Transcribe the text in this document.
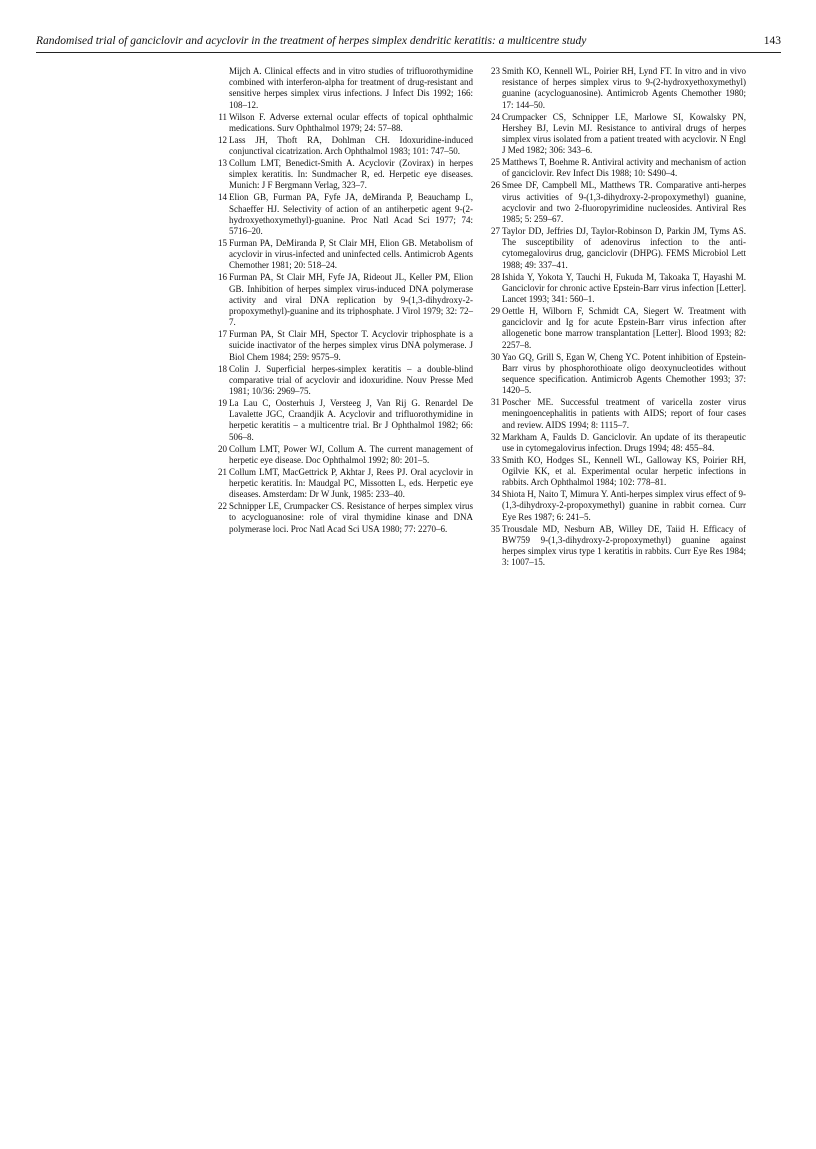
Randomised trial of ganciclovir and acyclovir in the treatment of herpes simplex dendritic keratitis: a multicentre study	143
Mijch A. Clinical effects and in vitro studies of trifluorothymidine combined with interferon-alpha for treatment of drug-resistant and sensitive herpes simplex virus infections. J Infect Dis 1992; 166: 108–12.
11 Wilson F. Adverse external ocular effects of topical ophthalmic medications. Surv Ophthalmol 1979; 24: 57–88.
12 Lass JH, Thoft RA, Dohlman CH. Idoxuridine-induced conjunctival cicatrization. Arch Ophthalmol 1983; 101: 747–50.
13 Collum LMT, Benedict-Smith A. Acyclovir (Zovirax) in herpes simplex keratitis. In: Sundmacher R, ed. Herpetic eye diseases. Munich: J F Bergmann Verlag, 323–7.
14 Elion GB, Furman PA, Fyfe JA, deMiranda P, Beauchamp L, Schaeffer HJ. Selectivity of action of an antiherpetic agent 9-(2-hydroxyethoxymethyl)-guanine. Proc Natl Acad Sci 1977; 74: 5716–20.
15 Furman PA, DeMiranda P, St Clair MH, Elion GB. Metabolism of acyclovir in virus-infected and uninfected cells. Antimicrob Agents Chemother 1981; 20: 518–24.
16 Furman PA, St Clair MH, Fyfe JA, Rideout JL, Keller PM, Elion GB. Inhibition of herpes simplex virus-induced DNA polymerase activity and viral DNA replication by 9-(1,3-dihydroxy-2-propoxymethyl)-guanine and its triphosphate. J Virol 1979; 32: 72–7.
17 Furman PA, St Clair MH, Spector T. Acyclovir triphosphate is a suicide inactivator of the herpes simplex virus DNA polymerase. J Biol Chem 1984; 259: 9575–9.
18 Colin J. Superficial herpes-simplex keratitis – a double-blind comparative trial of acyclovir and idoxuridine. Nouv Presse Med 1981; 10/36: 2969–75.
19 La Lau C, Oosterhuis J, Versteeg J, Van Rij G. Renardel De Lavalette JGC, Craandjik A. Acyclovir and trifluorothymidine in herpetic keratitis – a multicentre trial. Br J Ophthalmol 1982; 66: 506–8.
20 Collum LMT, Power WJ, Collum A. The current management of herpetic eye disease. Doc Ophthalmol 1992; 80: 201–5.
21 Collum LMT, MacGettrick P, Akhtar J, Rees PJ. Oral acyclovir in herpetic keratitis. In: Maudgal PC, Missotten L, eds. Herpetic eye diseases. Amsterdam: Dr W Junk, 1985: 233–40.
22 Schnipper LE, Crumpacker CS. Resistance of herpes simplex virus to acycloguanosine: role of viral thymidine kinase and DNA polymerase loci. Proc Natl Acad Sci USA 1980; 77: 2270–6.
23 Smith KO, Kennell WL, Poirier RH, Lynd FT. In vitro and in vivo resistance of herpes simplex virus to 9-(2-hydroxyethoxymethyl) guanine (acycloguanosine). Antimicrob Agents Chemother 1980; 17: 144–50.
24 Crumpacker CS, Schnipper LE, Marlowe SI, Kowalsky PN, Hershey BJ, Levin MJ. Resistance to antiviral drugs of herpes simplex virus isolated from a patient treated with acyclovir. N Engl J Med 1982; 306: 343–6.
25 Matthews T, Boehme R. Antiviral activity and mechanism of action of ganciclovir. Rev Infect Dis 1988; 10: S490–4.
26 Smee DF, Campbell ML, Matthews TR. Comparative anti-herpes virus activities of 9-(1,3-dihydroxy-2-propoxymethyl) guanine, acyclovir and two 2-fluoropyrimidine nucleosides. Antiviral Res 1985; 5: 259–67.
27 Taylor DD, Jeffries DJ, Taylor-Robinson D, Parkin JM, Tyms AS. The susceptibility of adenovirus infection to the anti-cytomegalovirus drug, ganciclovir (DHPG). FEMS Microbiol Lett 1988; 49: 337–41.
28 Ishida Y, Yokota Y, Tauchi H, Fukuda M, Takoaka T, Hayashi M. Ganciclovir for chronic active Epstein-Barr virus infection [Letter]. Lancet 1993; 341: 560–1.
29 Oettle H, Wilborn F, Schmidt CA, Siegert W. Treatment with ganciclovir and Ig for acute Epstein-Barr virus infection after allogenetic bone marrow transplantation [Letter]. Blood 1993; 82: 2257–8.
30 Yao GQ, Grill S, Egan W, Cheng YC. Potent inhibition of Epstein-Barr virus by phosphorothioate oligo deoxynucleotides without sequence specification. Antimicrob Agents Chemother 1993; 37: 1420–5.
31 Poscher ME. Successful treatment of varicella zoster virus meningoencephalitis in patients with AIDS; report of four cases and review. AIDS 1994; 8: 1115–7.
32 Markham A, Faulds D. Ganciclovir. An update of its therapeutic use in cytomegalovirus infection. Drugs 1994; 48: 455–84.
33 Smith KO, Hodges SL, Kennell WL, Galloway KS, Poirier RH, Ogilvie KK, et al. Experimental ocular herpetic infections in rabbits. Arch Ophthalmol 1984; 102: 778–81.
34 Shiota H, Naito T, Mimura Y. Anti-herpes simplex virus effect of 9-(1,3-dihydroxy-2-propoxymethyl) guanine in rabbit cornea. Curr Eye Res 1987; 6: 241–5.
35 Trousdale MD, Nesburn AB, Willey DE, Taiid H. Efficacy of BW759 9-(1,3-dihydroxy-2-propoxymethyl) guanine against herpes simplex virus type 1 keratitis in rabbits. Curr Eye Res 1984; 3: 1007–15.
